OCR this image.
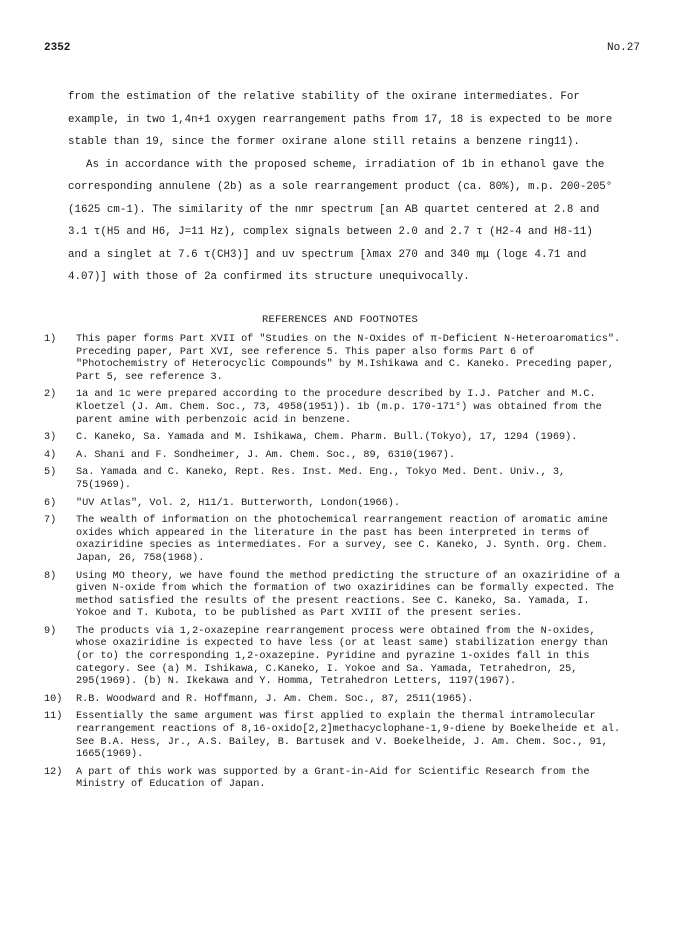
2352	No.27

from the estimation of the relative stability of the oxirane intermediates. For example, in two 1,4n+1 oxygen rearrangement paths from 17, 18 is expected to be more stable than 19, since the former oxirane alone still retains a benzene ring11).

As in accordance with the proposed scheme, irradiation of 1b in ethanol gave the corresponding annulene (2b) as a sole rearrangement product (ca. 80%), m.p. 200-205° (1625 cm-1). The similarity of the nmr spectrum [an AB quartet centered at 2.8 and 3.1 τ(H5 and H6, J=11 Hz), complex signals between 2.0 and 2.7 τ (H2-4 and H8-11) and a singlet at 7.6 τ(CH3)] and uv spectrum [λmax 270 and 340 mμ (logε 4.71 and 4.07)] with those of 2a confirmed its structure unequivocally.

REFERENCES AND FOOTNOTES
1)	This paper forms Part XVII of "Studies on the N-Oxides of π-Deficient N-Heteroaromatics". Preceding paper, Part XVI, see reference 5. This paper also forms Part 6 of "Photochemistry of Heterocyclic Compounds" by M.Ishikawa and C. Kaneko. Preceding paper, Part 5, see reference 3.
2)	1a and 1c were prepared according to the procedure described by I.J. Patcher and M.C. Kloetzel (J. Am. Chem. Soc., 73, 4958(1951)). 1b (m.p. 170-171°) was obtained from the parent amine with perbenzoic acid in benzene.
3)	C. Kaneko, Sa. Yamada and M. Ishikawa, Chem. Pharm. Bull.(Tokyo), 17, 1294 (1969).
4)	A. Shani and F. Sondheimer, J. Am. Chem. Soc., 89, 6310(1967).
5)	Sa. Yamada and C. Kaneko, Rept. Res. Inst. Med. Eng., Tokyo Med. Dent. Univ., 3, 75(1969).
6)	"UV Atlas", Vol. 2, H11/1. Butterworth, London(1966).
7)	The wealth of information on the photochemical rearrangement reaction of aromatic amine oxides which appeared in the literature in the past has been interpreted in terms of oxaziridine species as intermediates. For a survey, see C. Kaneko, J. Synth. Org. Chem. Japan, 26, 758(1968).
8)	Using MO theory, we have found the method predicting the structure of an oxaziridine of a given N-oxide from which the formation of two oxaziridines can be formally expected. The method satisfied the results of the present reactions. See C. Kaneko, Sa. Yamada, I. Yokoe and T. Kubota, to be published as Part XVIII of the present series.
9)	The products via 1,2-oxazepine rearrangement process were obtained from the N-oxides, whose oxaziridine is expected to have less (or at least same) stabilization energy than (or to) the corresponding 1,2-oxazepine. Pyridine and pyrazine 1-oxides fall in this category. See (a) M. Ishikawa, C.Kaneko, I. Yokoe and Sa. Yamada, Tetrahedron, 25, 295(1969). (b) N. Ikekawa and Y. Homma, Tetrahedron Letters, 1197(1967).
10)	R.B. Woodward and R. Hoffmann, J. Am. Chem. Soc., 87, 2511(1965).
11)	Essentially the same argument was first applied to explain the thermal intramolecular rearrangement reactions of 8,16-oxido[2,2]methacyclophane-1,9-diene by Boekelheide et al. See B.A. Hess, Jr., A.S. Bailey, B. Bartusek and V. Boekelheide, J. Am. Chem. Soc., 91, 1665(1969).
12)	A part of this work was supported by a Grant-in-Aid for Scientific Research from the Ministry of Education of Japan.
